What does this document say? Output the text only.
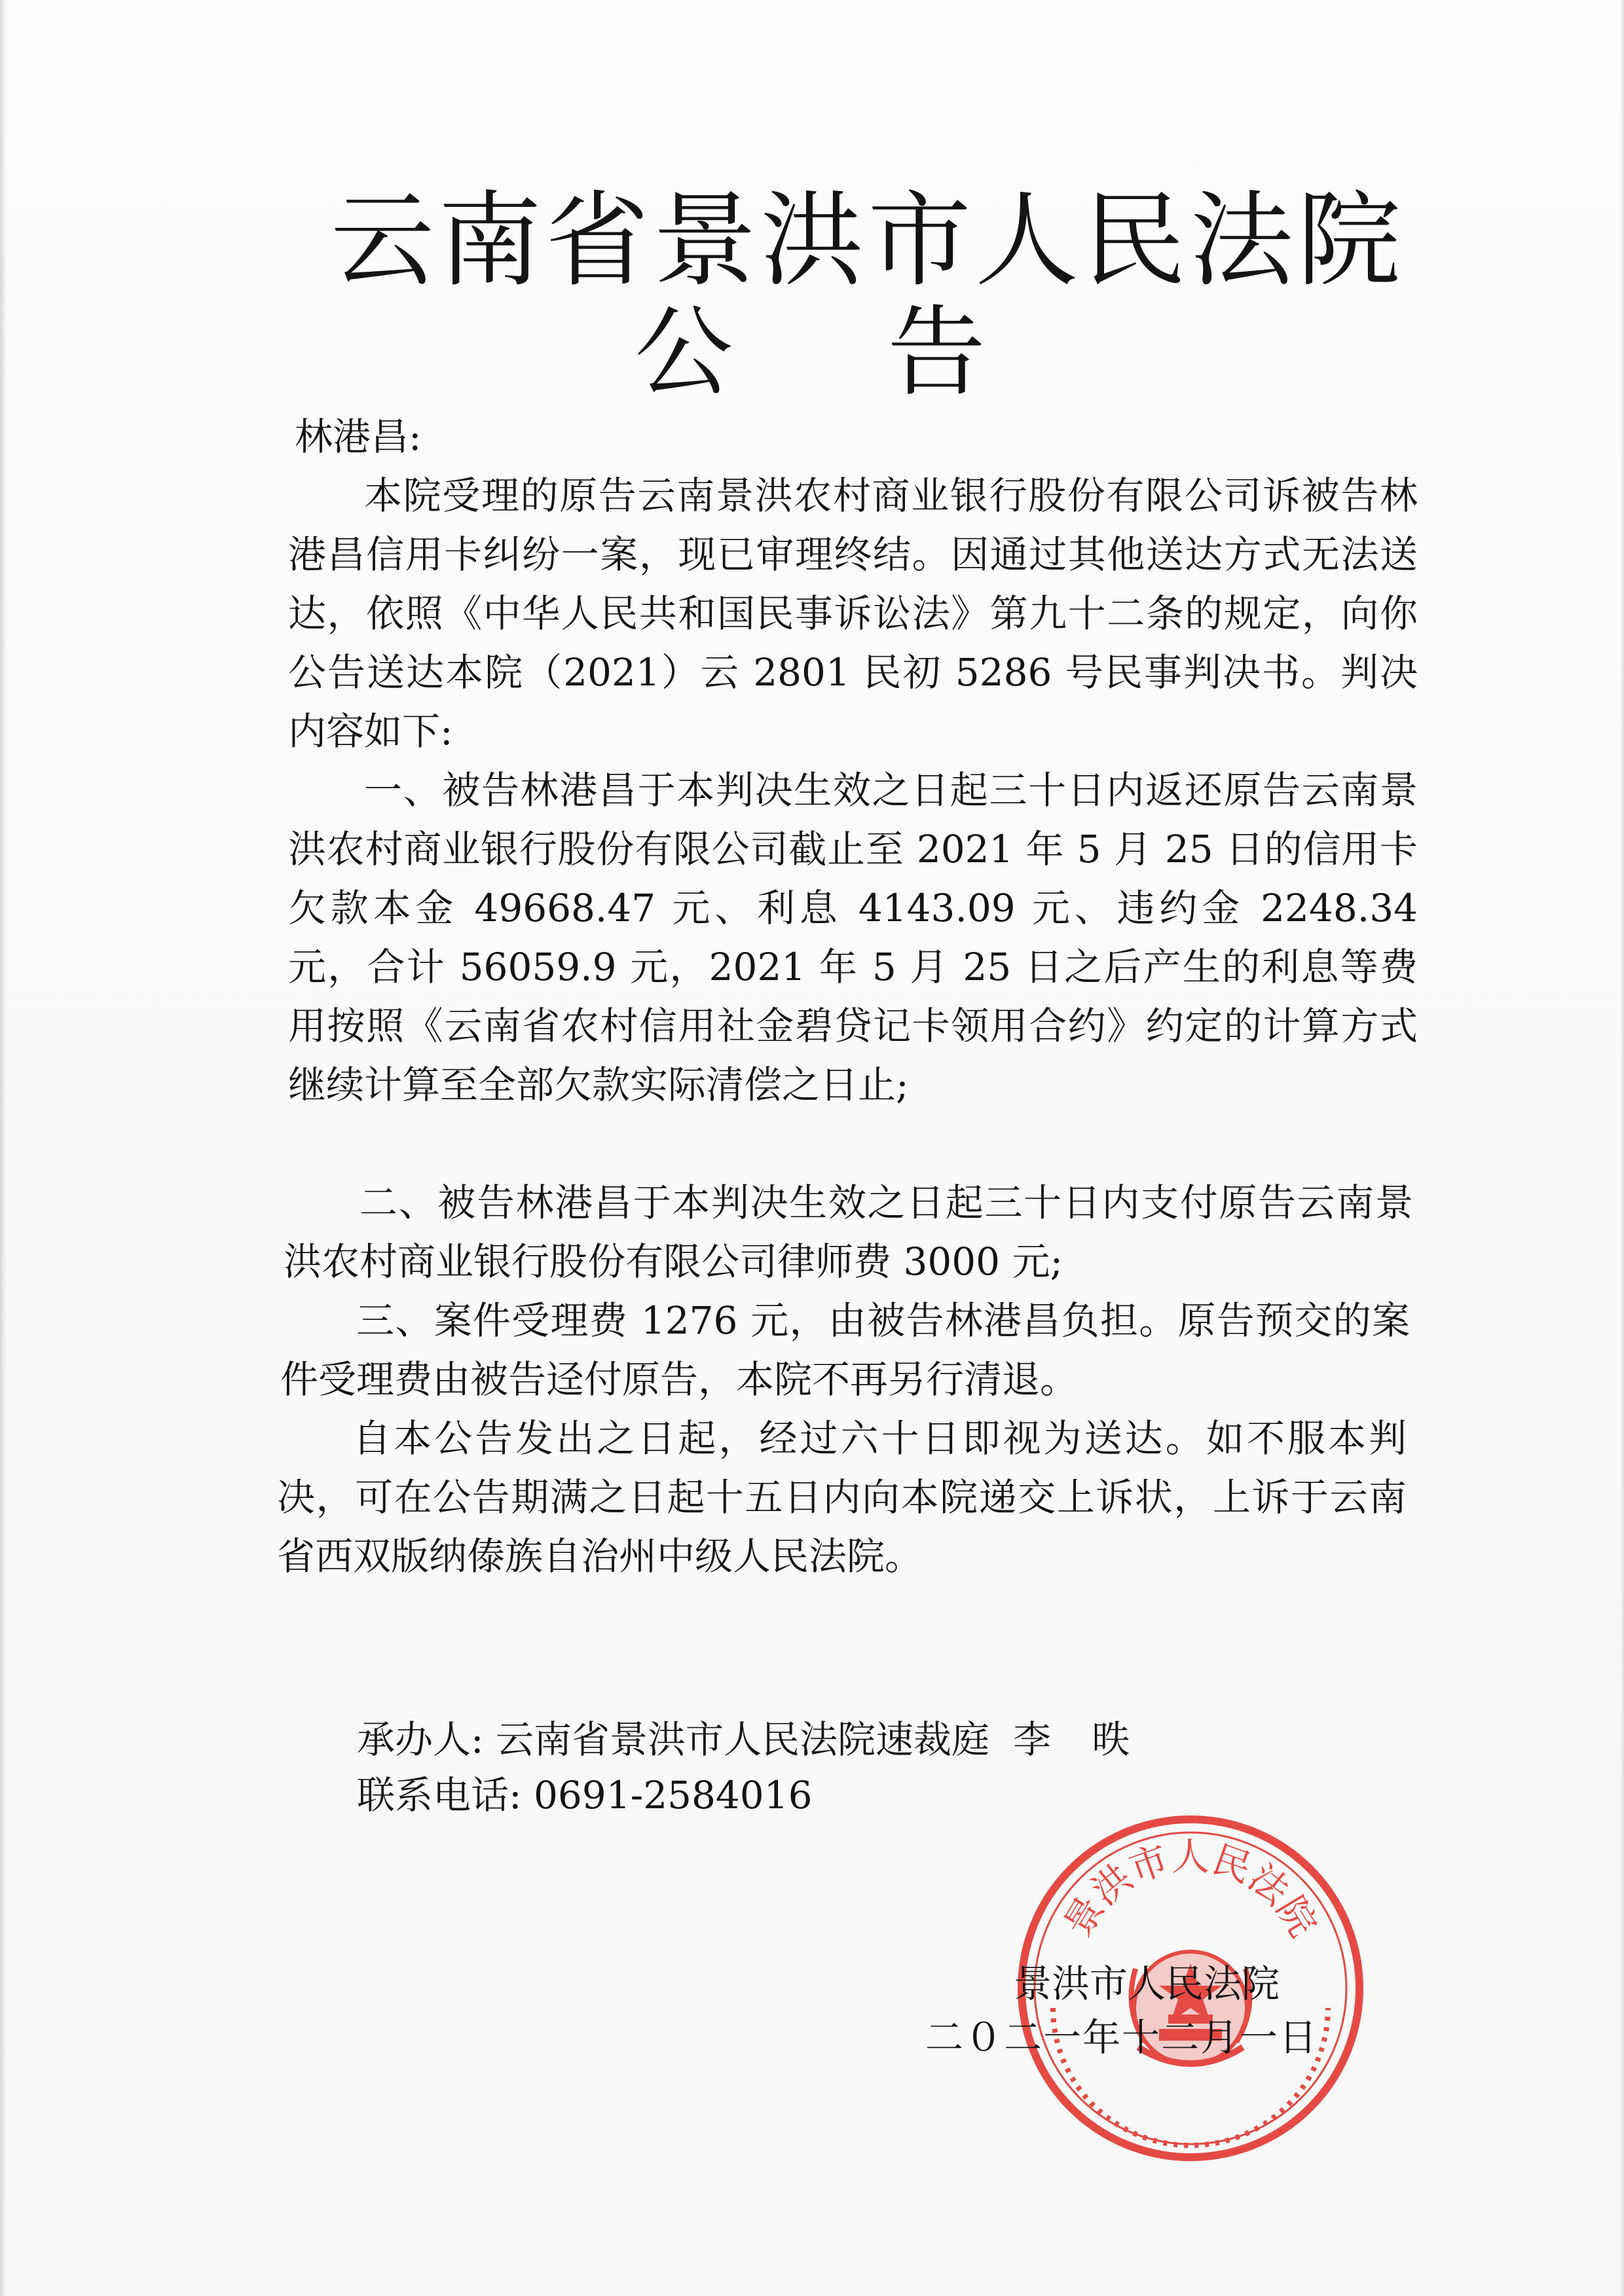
云南省景洪市人民法院
公 告
林港昌:
本院受理的原告云南景洪农村商业银行股份有限公司诉被告林港昌信用卡纠纷一案，现已审理终结。因通过其他送达方式无法送达，依照《中华人民共和国民事诉讼法》第九十二条的规定，向你公告送达本院（2021）云 2801 民初 5286 号民事判决书。判决内容如下:
一、被告林港昌于本判决生效之日起三十日内返还原告云南景洪农村商业银行股份有限公司截止至 2021 年 5 月 25 日的信用卡欠款本金 49668.47 元、利息 4143.09 元、违约金 2248.34 元，合计 56059.9 元，2021 年 5 月 25 日之后产生的利息等费用按照《云南省农村信用社金碧贷记卡领用合约》约定的计算方式继续计算至全部欠款实际清偿之日止;
二、被告林港昌于本判决生效之日起三十日内支付原告云南景洪农村商业银行股份有限公司律师费 3000 元;
三、案件受理费 1276 元，由被告林港昌负担。原告预交的案件受理费由被告迳付原告，本院不再另行清退。
自本公告发出之日起，经过六十日即视为送达。如不服本判决，可在公告期满之日起十五日内向本院递交上诉状，上诉于云南省西双版纳傣族自治州中级人民法院。
承办人: 云南省景洪市人民法院速裁庭 李 昳
联系电话: 0691-2584016
景洪市人民法院
景洪市人民法院
二０二一年十二月一日
